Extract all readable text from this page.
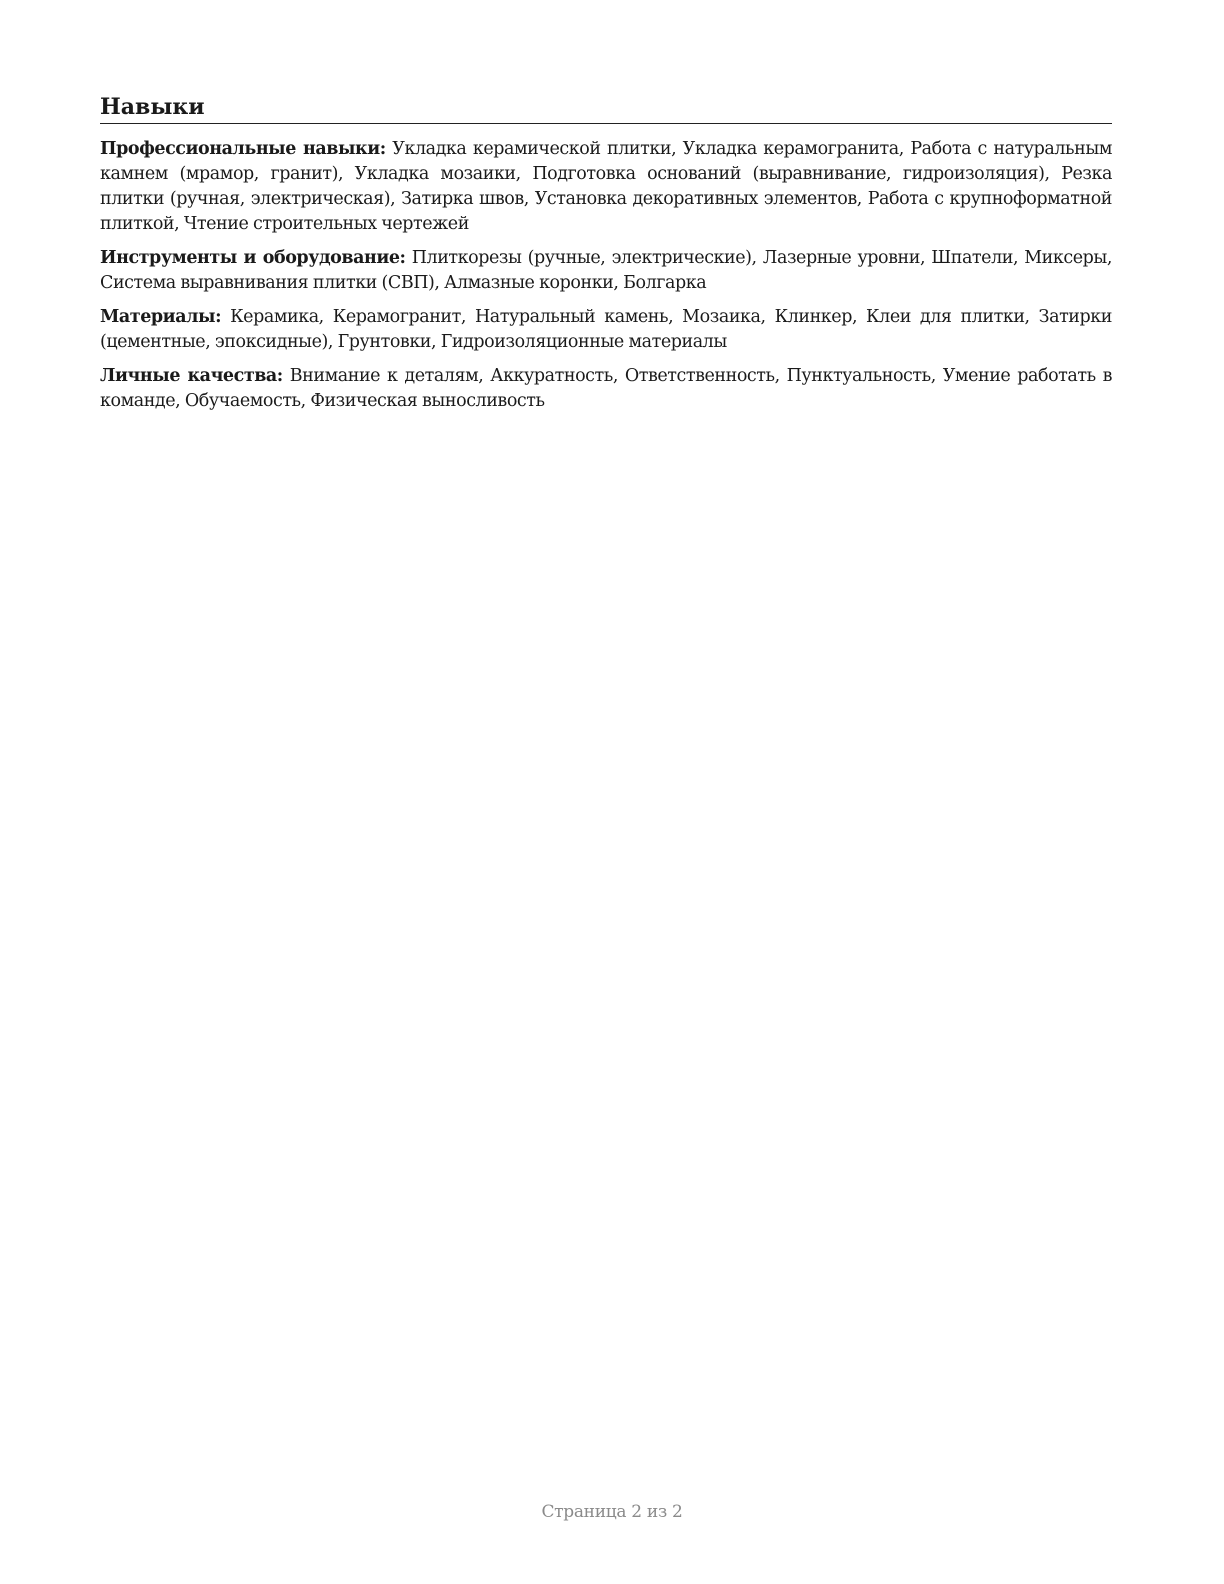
Навыки

Профессиональные навыки: Укладка керамической плитки, Укладка керамогранита, Работа с натуральным камнем (мрамор, гранит), Укладка мозаики, Подготовка оснований (выравнивание, гидроизоляция), Резка плитки (ручная, электрическая), Затирка швов, Установка декоративных элементов, Работа с крупноформатной плиткой, Чтение строительных чертежей

Инструменты и оборудование: Плиткорезы (ручные, электрические), Лазерные уровни, Шпатели, Миксеры, Система выравнивания плитки (СВП), Алмазные коронки, Болгарка

Материалы: Керамика, Керамогранит, Натуральный камень, Мозаика, Клинкер, Клеи для плитки, Затирки (цементные, эпоксидные), Грунтовки, Гидроизоляционные материалы

Личные качества: Внимание к деталям, Аккуратность, Ответственность, Пунктуальность, Умение работать в команде, Обучаемость, Физическая выносливость

Страница 2 из 2
